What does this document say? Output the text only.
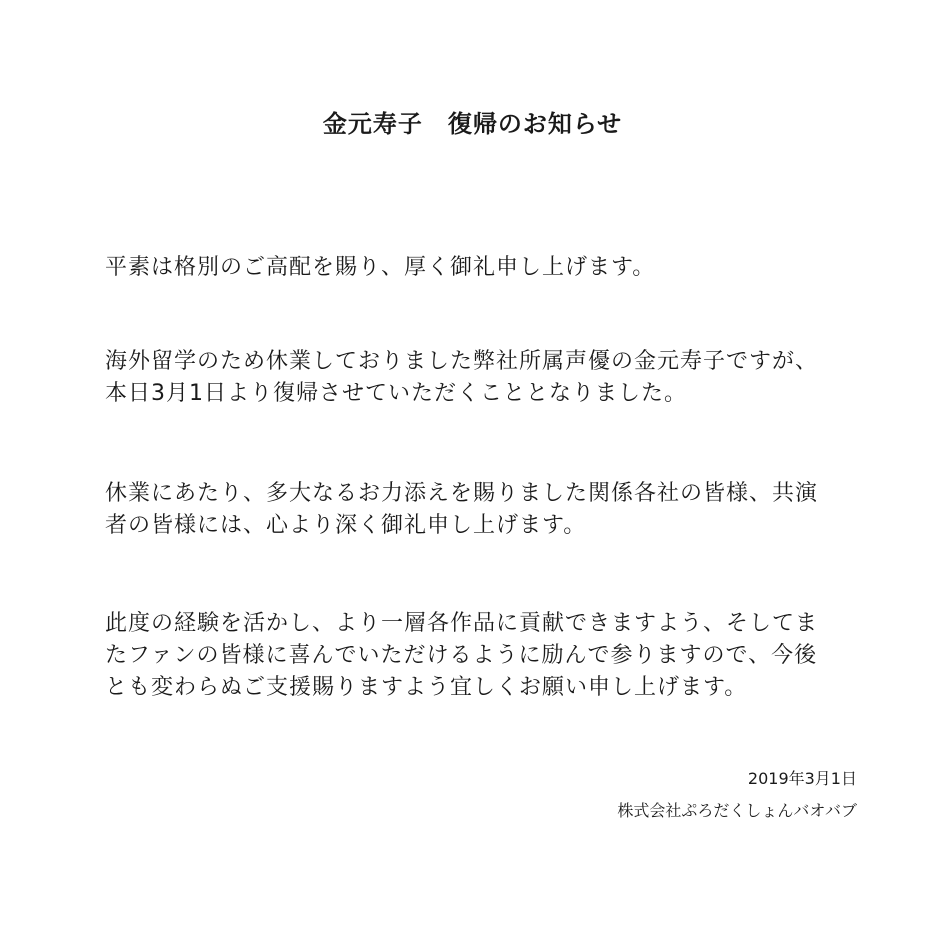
金元寿子　復帰のお知らせ
平素は格別のご高配を賜り、厚く御礼申し上げます。
海外留学のため休業しておりました弊社所属声優の金元寿子ですが、
本日3月1日より復帰させていただくこととなりました。
休業にあたり、多大なるお力添えを賜りました関係各社の皆様、共演
者の皆様には、心より深く御礼申し上げます。
此度の経験を活かし、より一層各作品に貢献できますよう、そしてま
たファンの皆様に喜んでいただけるように励んで参りますので、今後
とも変わらぬご支援賜りますよう宜しくお願い申し上げます。
2019年3月1日
株式会社ぷろだくしょんバオバブ
